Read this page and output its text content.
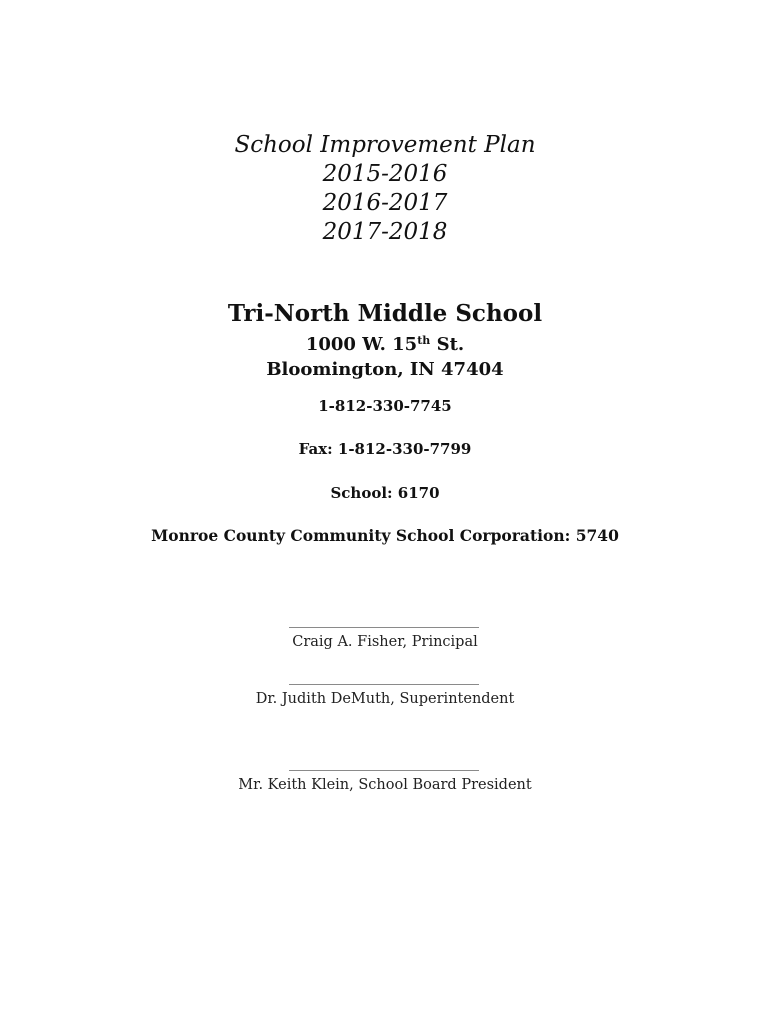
School Improvement Plan
2015-2016
2016-2017
2017-2018
Tri-North Middle School
1000 W. 15th St.
Bloomington, IN 47404
1-812-330-7745
Fax: 1-812-330-7799
School: 6170
Monroe County Community School Corporation: 5740
Craig A. Fisher, Principal
Dr. Judith DeMuth, Superintendent
Mr. Keith Klein, School Board President
